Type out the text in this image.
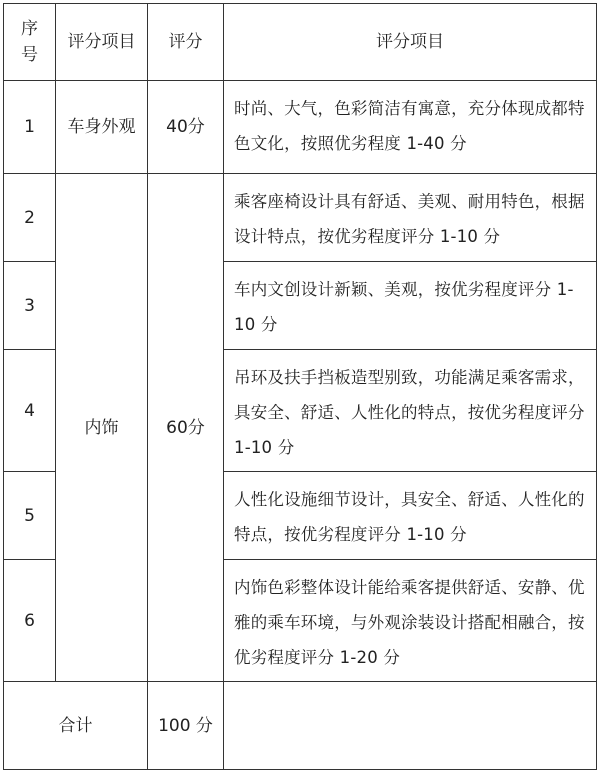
序
号	评分项目	评分	评分项目
1	车身外观	40分	时尚、大气，色彩简洁有寓意，充分体现成都特色文化，按照优劣程度 1-40 分
2	内饰	60分	乘客座椅设计具有舒适、美观、耐用特色，根据设计特点，按优劣程度评分 1-10 分
3			车内文创设计新颖、美观，按优劣程度评分 1-10 分
4			吊环及扶手挡板造型别致，功能满足乘客需求，具安全、舒适、人性化的特点，按优劣程度评分 1-10 分
5			人性化设施细节设计，具安全、舒适、人性化的特点，按优劣程度评分 1-10 分
6			内饰色彩整体设计能给乘客提供舒适、安静、优雅的乘车环境，与外观涂装设计搭配相融合，按优劣程度评分 1-20 分
合计		100 分	
